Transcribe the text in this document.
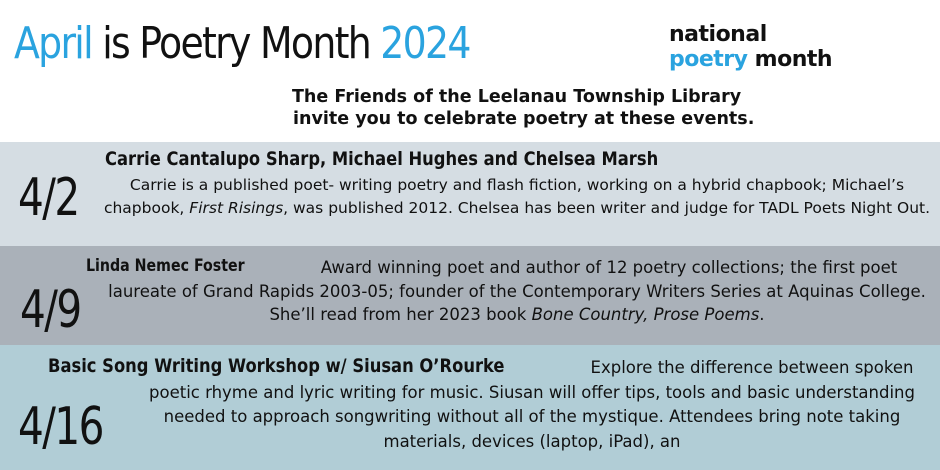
April is Poetry Month 2024	national
poetry month
The Friends of the Leelanau Township Library
invite you to celebrate poetry at these events.
4/2
Carrie Cantalupo Sharp, Michael Hughes and Chelsea Marsh
Carrie is a published poet- writing poetry and flash fiction, working on a hybrid chapbook; Michael’s chapbook, First Risings, was published 2012. Chelsea has been writer and judge for TADL Poets Night Out.
4/9
Linda Nemec Foster	Award winning poet and author of 12 poetry collections; the first poet laureate of Grand Rapids 2003-05; founder of the Contemporary Writers Series at Aquinas College. She’ll read from her 2023 book Bone Country, Prose Poems.
4/16
Basic Song Writing Workshop w/ Siusan O’Rourke	Explore the difference between spoken poetic rhyme and lyric writing for music. Siusan will offer tips, tools and basic understanding needed to approach songwriting without all of the mystique. Attendees bring note taking materials, devices (laptop, iPad), an
